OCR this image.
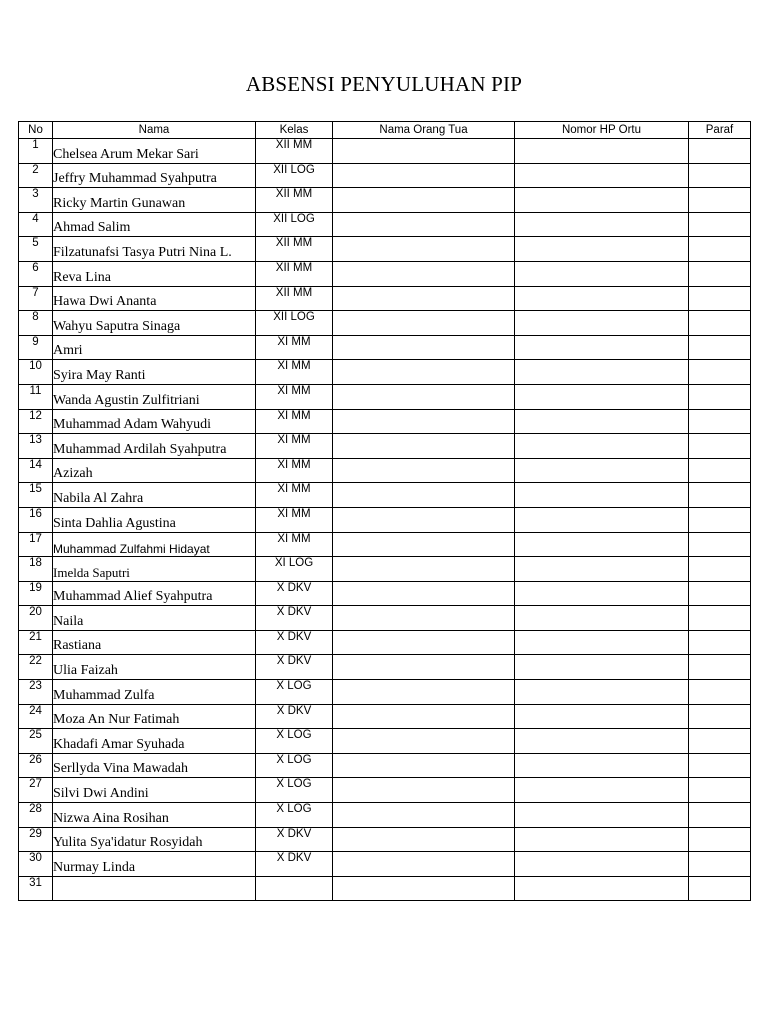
ABSENSI PENYULUHAN PIP
No	Nama	Kelas	Nama Orang Tua	Nomor HP Ortu	Paraf
1	Chelsea Arum Mekar Sari	XII MM			
2	Jeffry Muhammad Syahputra	XII LOG			
3	Ricky Martin Gunawan	XII MM			
4	Ahmad Salim	XII LOG			
5	Filzatunafsi Tasya Putri Nina L.	XII MM			
6	Reva Lina	XII MM			
7	Hawa Dwi Ananta	XII MM			
8	Wahyu Saputra Sinaga	XII LOG			
9	Amri	XI MM			
10	Syira May Ranti	XI MM			
11	Wanda Agustin Zulfitriani	XI MM			
12	Muhammad Adam Wahyudi	XI MM			
13	Muhammad Ardilah Syahputra	XI MM			
14	Azizah	XI MM			
15	Nabila Al Zahra	XI MM			
16	Sinta Dahlia Agustina	XI MM			
17	Muhammad Zulfahmi Hidayat	XI MM			
18	Imelda Saputri	XI LOG			
19	Muhammad Alief Syahputra	X DKV			
20	Naila	X DKV			
21	Rastiana	X DKV			
22	Ulia Faizah	X DKV			
23	Muhammad Zulfa	X LOG			
24	Moza An Nur Fatimah	X DKV			
25	Khadafi Amar Syuhada	X LOG			
26	Serllyda Vina Mawadah	X LOG			
27	Silvi Dwi Andini	X LOG			
28	Nizwa Aina Rosihan	X LOG			
29	Yulita Sya'idatur Rosyidah	X DKV			
30	Nurmay Linda	X DKV			
31					
